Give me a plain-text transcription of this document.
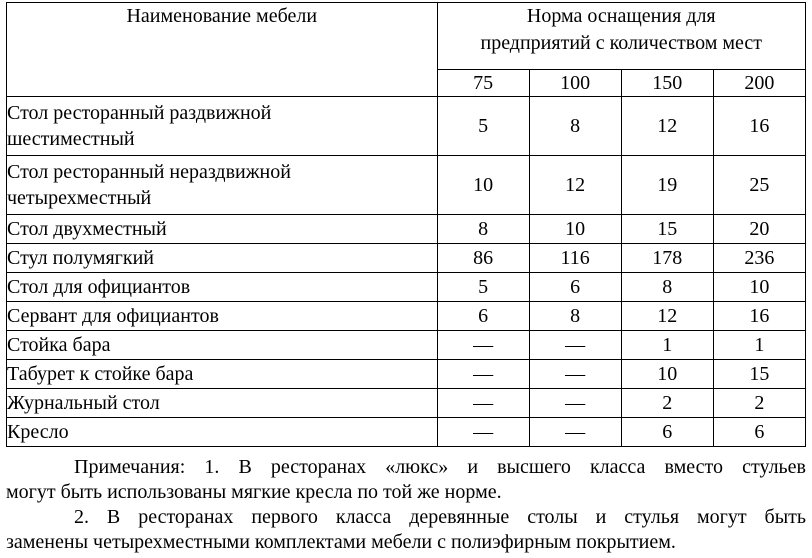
Наименование мебели	Норма оснащения для
предприятий с количеством мест			
	75	100	150	200
Стол ресторанный раздвижной
шестиместный	5	8	12	16
Стол ресторанный нераздвижной
четырехместный	10	12	19	25
Стол двухместный	8	10	15	20
Стул полумягкий	86	116	178	236
Стол для официантов	5	6	8	10
Сервант для официантов	6	8	12	16
Стойка бара	—	—	1	1
Табурет к стойке бара	—	—	10	15
Журнальный стол	—	—	2	2
Кресло	—	—	6	6
Примечания: 1. В ресторанах «люкс» и высшего класса вместо стульев
могут быть использованы мягкие кресла по той же норме.
2. В ресторанах первого класса деревянные столы и стулья могут быть
заменены четырехместными комплектами мебели с полиэфирным покрытием.
